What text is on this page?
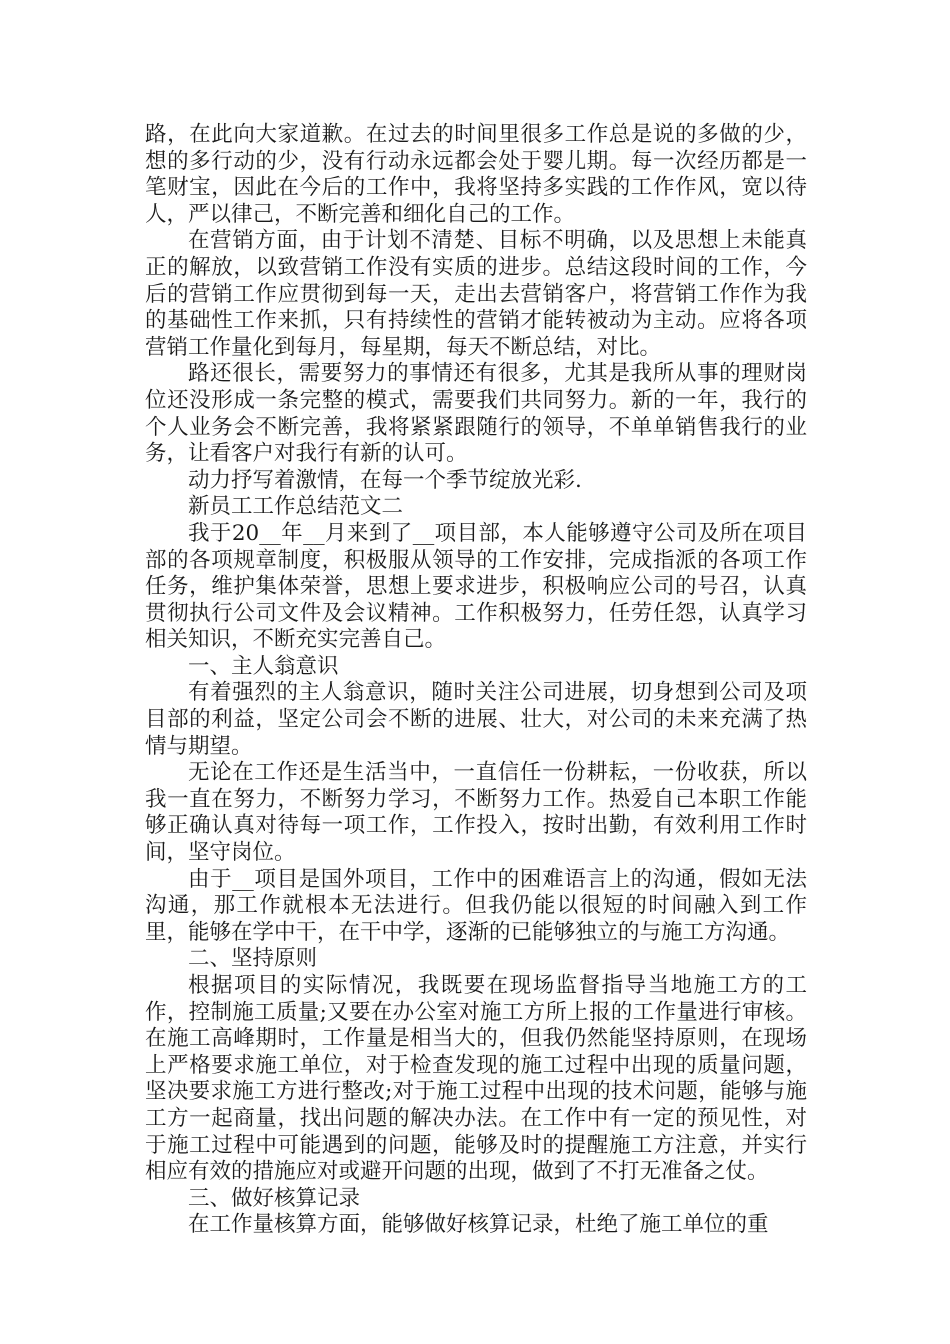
路，在此向大家道歉。在过去的时间里很多工作总是说的多做的少，想的多行动的少，没有行动永远都会处于婴儿期。每一次经历都是一笔财宝，因此在今后的工作中，我将坚持多实践的工作作风，宽以待人，严以律己，不断完善和细化自己的工作。

在营销方面，由于计划不清楚、目标不明确，以及思想上未能真正的解放，以致营销工作没有实质的进步。总结这段时间的工作，今后的营销工作应贯彻到每一天，走出去营销客户，将营销工作作为我的基础性工作来抓，只有持续性的营销才能转被动为主动。应将各项营销工作量化到每月，每星期，每天不断总结，对比。

路还很长，需要努力的事情还有很多，尤其是我所从事的理财岗位还没形成一条完整的模式，需要我们共同努力。新的一年，我行的个人业务会不断完善，我将紧紧跟随行的领导，不单单销售我行的业务，让看客户对我行有新的认可。

动力抒写着激情，在每一个季节绽放光彩.

新员工工作总结范文二

我于20__年__月来到了__项目部，本人能够遵守公司及所在项目部的各项规章制度，积极服从领导的工作安排，完成指派的各项工作任务，维护集体荣誉，思想上要求进步，积极响应公司的号召，认真贯彻执行公司文件及会议精神。工作积极努力，任劳任怨，认真学习相关知识，不断充实完善自己。

一、主人翁意识

有着强烈的主人翁意识，随时关注公司进展，切身想到公司及项目部的利益，坚定公司会不断的进展、壮大，对公司的未来充满了热情与期望。

无论在工作还是生活当中，一直信任一份耕耘，一份收获，所以我一直在努力，不断努力学习，不断努力工作。热爱自己本职工作能够正确认真对待每一项工作，工作投入，按时出勤，有效利用工作时间，坚守岗位。

由于__项目是国外项目，工作中的困难语言上的沟通，假如无法沟通，那工作就根本无法进行。但我仍能以很短的时间融入到工作里，能够在学中干，在干中学，逐渐的已能够独立的与施工方沟通。

二、坚持原则

根据项目的实际情况，我既要在现场监督指导当地施工方的工作，控制施工质量;又要在办公室对施工方所上报的工作量进行审核。在施工高峰期时，工作量是相当大的，但我仍然能坚持原则，在现场上严格要求施工单位，对于检查发现的施工过程中出现的质量问题，坚决要求施工方进行整改;对于施工过程中出现的技术问题，能够与施工方一起商量，找出问题的解决办法。在工作中有一定的预见性，对于施工过程中可能遇到的问题，能够及时的提醒施工方注意，并实行相应有效的措施应对或避开问题的出现，做到了不打无准备之仗。

三、做好核算记录

在工作量核算方面，能够做好核算记录，杜绝了施工单位的重
